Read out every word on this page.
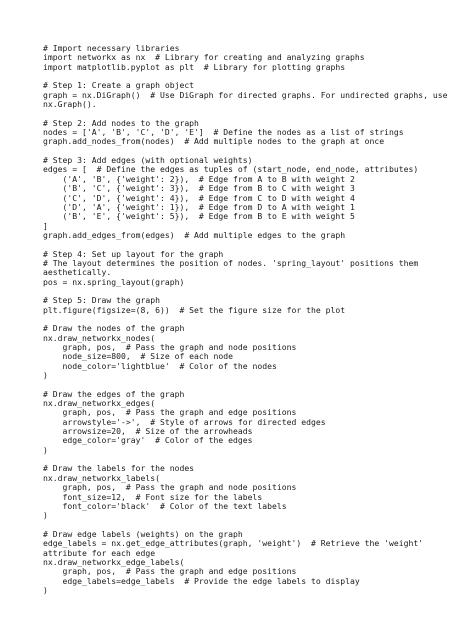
# Import necessary libraries
import networkx as nx  # Library for creating and analyzing graphs
import matplotlib.pyplot as plt  # Library for plotting graphs
# Step 1: Create a graph object
graph = nx.DiGraph()  # Use DiGraph for directed graphs. For undirected graphs, use
nx.Graph().
# Step 2: Add nodes to the graph
nodes = ['A', 'B', 'C', 'D', 'E']  # Define the nodes as a list of strings
graph.add_nodes_from(nodes)  # Add multiple nodes to the graph at once
# Step 3: Add edges (with optional weights)
edges = [  # Define the edges as tuples of (start_node, end_node, attributes)
('A', 'B', {'weight': 2}),  # Edge from A to B with weight 2
('B', 'C', {'weight': 3}),  # Edge from B to C with weight 3
('C', 'D', {'weight': 4}),  # Edge from C to D with weight 4
('D', 'A', {'weight': 1}),  # Edge from D to A with weight 1
('B', 'E', {'weight': 5}),  # Edge from B to E with weight 5
]
graph.add_edges_from(edges)  # Add multiple edges to the graph
# Step 4: Set up layout for the graph
# The layout determines the position of nodes. 'spring_layout' positions them
aesthetically.
pos = nx.spring_layout(graph)
# Step 5: Draw the graph
plt.figure(figsize=(8, 6))  # Set the figure size for the plot
# Draw the nodes of the graph
nx.draw_networkx_nodes(
graph, pos,  # Pass the graph and node positions
node_size=800,  # Size of each node
node_color='lightblue'  # Color of the nodes
)
# Draw the edges of the graph
nx.draw_networkx_edges(
graph, pos,  # Pass the graph and edge positions
arrowstyle='->',  # Style of arrows for directed edges
arrowsize=20,  # Size of the arrowheads
edge_color='gray'  # Color of the edges
)
# Draw the labels for the nodes
nx.draw_networkx_labels(
graph, pos,  # Pass the graph and node positions
font_size=12,  # Font size for the labels
font_color='black'  # Color of the text labels
)
# Draw edge labels (weights) on the graph
edge_labels = nx.get_edge_attributes(graph, 'weight')  # Retrieve the 'weight'
attribute for each edge
nx.draw_networkx_edge_labels(
graph, pos,  # Pass the graph and edge positions
edge_labels=edge_labels  # Provide the edge labels to display
)
